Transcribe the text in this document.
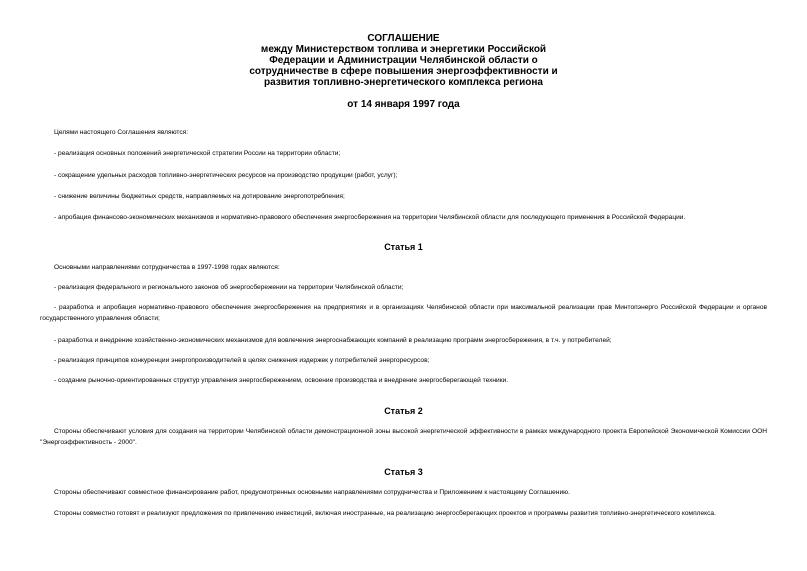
СОГЛАШЕНИЕ
между Министерством топлива и энергетики Российской
Федерации и Администрации Челябинской области о
сотрудничестве в сфере повышения энергоэффективности и
развития топливно-энергетического комплекса региона
от 14 января 1997 года
Целями настоящего Соглашения являются:
- реализация основных положений энергетической стратегии России на территории области;
- сокращение удельных расходов топливно-энергетических ресурсов на производство продукции (работ, услуг);
- снижение величины бюджетных средств, направляемых на дотирование энергопотребления;
- апробация финансово-экономических механизмов и нормативно-правового обеспечения энергосбережения на территории Челябинской области для последующего применения в Российской Федерации.
Статья 1
Основными направлениями сотрудничества в 1997-1998 годах являются:
- реализация федерального и регионального законов об энергосбережении на территории Челябинской области;
- разработка и апробация нормативно-правового обеспечения энергосбережения на предприятиях и в организациях Челябинской области при максимальной реализации прав Минтопэнерго Российской Федерации и органов государственного управления области;
- разработка и внедрение хозяйственно-экономических механизмов для вовлечения энергоснабжающих компаний в реализацию программ энергосбережения, в т.ч. у потребителей;
- реализация принципов конкуренции энергопроизводителей в целях снижения издержек у потребителей энергоресурсов;
- создание рыночно-ориентированных структур управления энергосбережением, освоение производства и внедрение энергосберегающей техники.
Статья 2
Стороны обеспечивают условия для создания на территории Челябинской области демонстрационной зоны высокой энергетической эффективности в рамках международного проекта Европейской Экономической Комиссии ООН "Энергоэффективность - 2000".
Статья 3
Стороны обеспечивают совместное финансирование работ, предусмотренных основными направлениями сотрудничества и Приложением к настоящему Соглашению.
Стороны совместно готовят и реализуют предложения по привлечению инвестиций, включая иностранные, на реализацию энергосберегающих проектов и программы развития топливно-энергетического комплекса.
